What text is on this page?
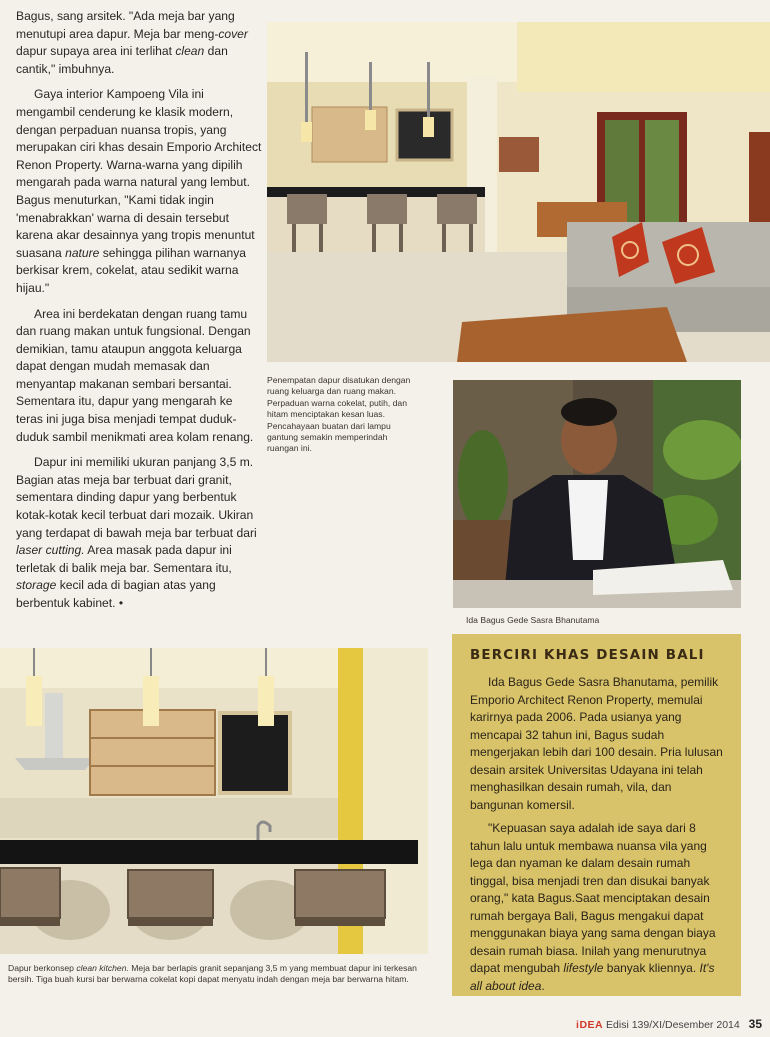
Bagus, sang arsitek. "Ada meja bar yang menutupi area dapur. Meja bar meng-cover dapur supaya area ini terlihat clean dan cantik," imbuhnya.

Gaya interior Kampoeng Vila ini mengambil cenderung ke klasik modern, dengan perpaduan nuansa tropis, yang merupakan ciri khas desain Emporio Architect Renon Property. Warna-warna yang dipilih mengarah pada warna natural yang lembut. Bagus menuturkan, "Kami tidak ingin 'menabrakkan' warna di desain tersebut karena akar desainnya yang tropis menuntut suasana nature sehingga pilihan warnanya berkisar krem, cokelat, atau sedikit warna hijau."

Area ini berdekatan dengan ruang tamu dan ruang makan untuk fungsional. Dengan demikian, tamu ataupun anggota keluarga dapat dengan mudah memasak dan menyantap makanan sembari bersantai. Sementara itu, dapur yang mengarah ke teras ini juga bisa menjadi tempat duduk-duduk sambil menikmati area kolam renang.

Dapur ini memiliki ukuran panjang 3,5 m. Bagian atas meja bar terbuat dari granit, sementara dinding dapur yang berbentuk kotak-kotak kecil terbuat dari mozaik. Ukiran yang terdapat di bawah meja bar terbuat dari laser cutting. Area masak pada dapur ini terletak di balik meja bar. Sementara itu, storage kecil ada di bagian atas yang berbentuk kabinet. •

Penempatan dapur disatukan dengan ruang keluarga dan ruang makan. Perpaduan warna cokelat, putih, dan hitam menciptakan kesan luas. Pencahayaan buatan dari lampu gantung semakin memperindah ruangan ini.
Ida Bagus Gede Sasra Bhanutama
Dapur berkonsep clean kitchen. Meja bar berlapis granit sepanjang 3,5 m yang membuat dapur ini terkesan bersih. Tiga buah kursi bar berwarna cokelat kopi dapat menyatu indah dengan meja bar berwarna hitam.
BERCIRI KHAS DESAIN BALI

Ida Bagus Gede Sasra Bhanutama, pemilik Emporio Architect Renon Property, memulai karirnya pada 2006. Pada usianya yang mencapai 32 tahun ini, Bagus sudah mengerjakan lebih dari 100 desain. Pria lulusan desain arsitek Universitas Udayana ini telah menghasilkan desain rumah, vila, dan bangunan komersil.

"Kepuasan saya adalah ide saya dari 8 tahun lalu untuk membawa nuansa vila yang lega dan nyaman ke dalam desain rumah tinggal, bisa menjadi tren dan disukai banyak orang," kata Bagus.Saat menciptakan desain rumah bergaya Bali, Bagus mengakui dapat menggunakan biaya yang sama dengan biaya desain rumah biasa. Inilah yang menurutnya dapat mengubah lifestyle banyak kliennya. It's all about idea.

iDEA Edisi 139/XI/Desember 2014 35
